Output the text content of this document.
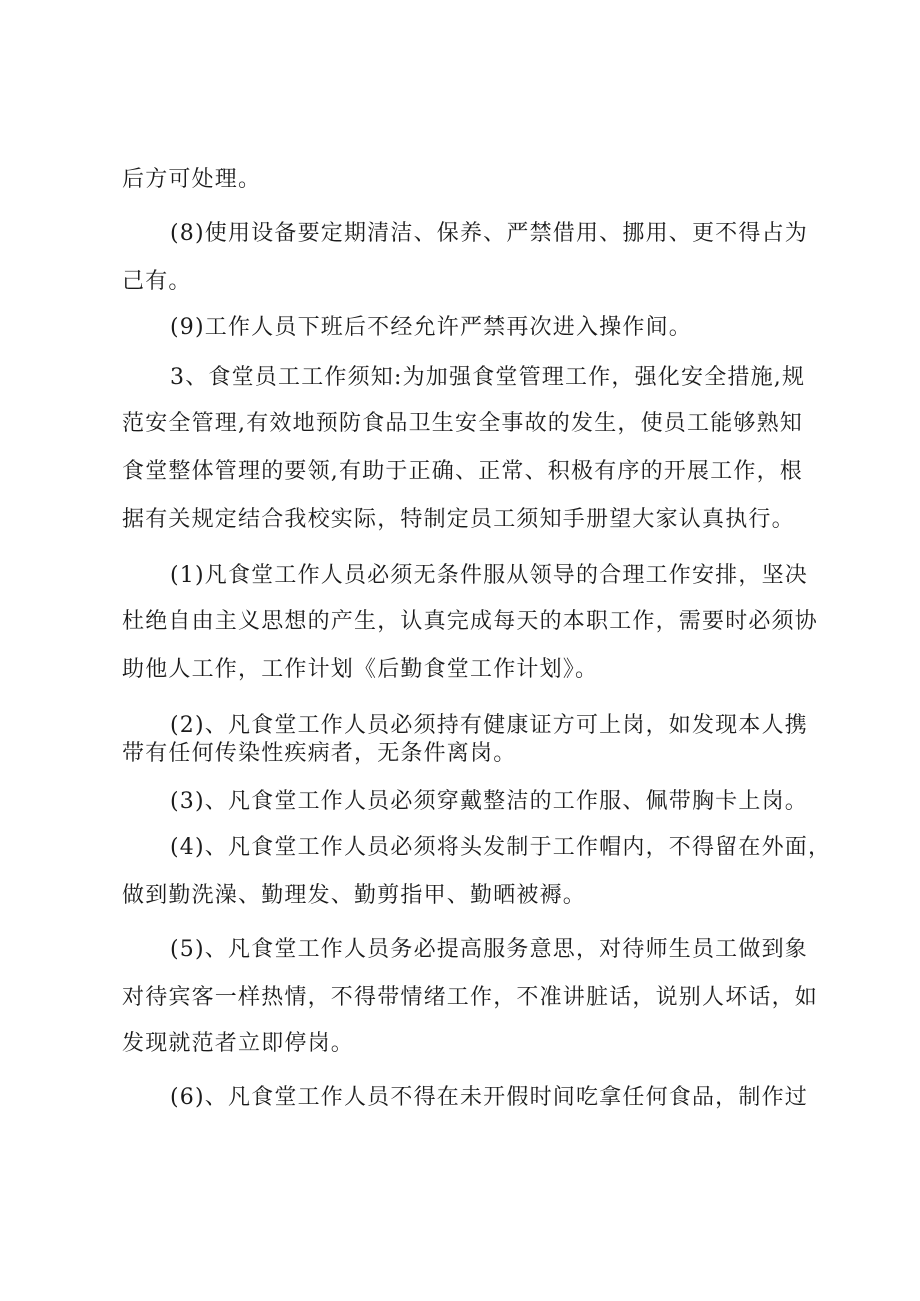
后方可处理。
(8)使用设备要定期清洁、保养、严禁借用、挪用、更不得占为
己有。
(9)工作人员下班后不经允许严禁再次进入操作间。
3、食堂员工工作须知:为加强食堂管理工作，强化安全措施,规
范安全管理,有效地预防食品卫生安全事故的发生，使员工能够熟知
食堂整体管理的要领,有助于正确、正常、积极有序的开展工作，根
据有关规定结合我校实际，特制定员工须知手册望大家认真执行。
(1)凡食堂工作人员必须无条件服从领导的合理工作安排，坚决
杜绝自由主义思想的产生，认真完成每天的本职工作，需要时必须协
助他人工作，工作计划《后勤食堂工作计划》。
(2)、凡食堂工作人员必须持有健康证方可上岗，如发现本人携
带有任何传染性疾病者，无条件离岗。
(3)、凡食堂工作人员必须穿戴整洁的工作服、佩带胸卡上岗。
(4)、凡食堂工作人员必须将头发制于工作帽内，不得留在外面，
做到勤洗澡、勤理发、勤剪指甲、勤晒被褥。
(5)、凡食堂工作人员务必提高服务意思，对待师生员工做到象
对待宾客一样热情，不得带情绪工作，不准讲脏话，说别人坏话，如
发现就范者立即停岗。
(6)、凡食堂工作人员不得在未开假时间吃拿任何食品，制作过
